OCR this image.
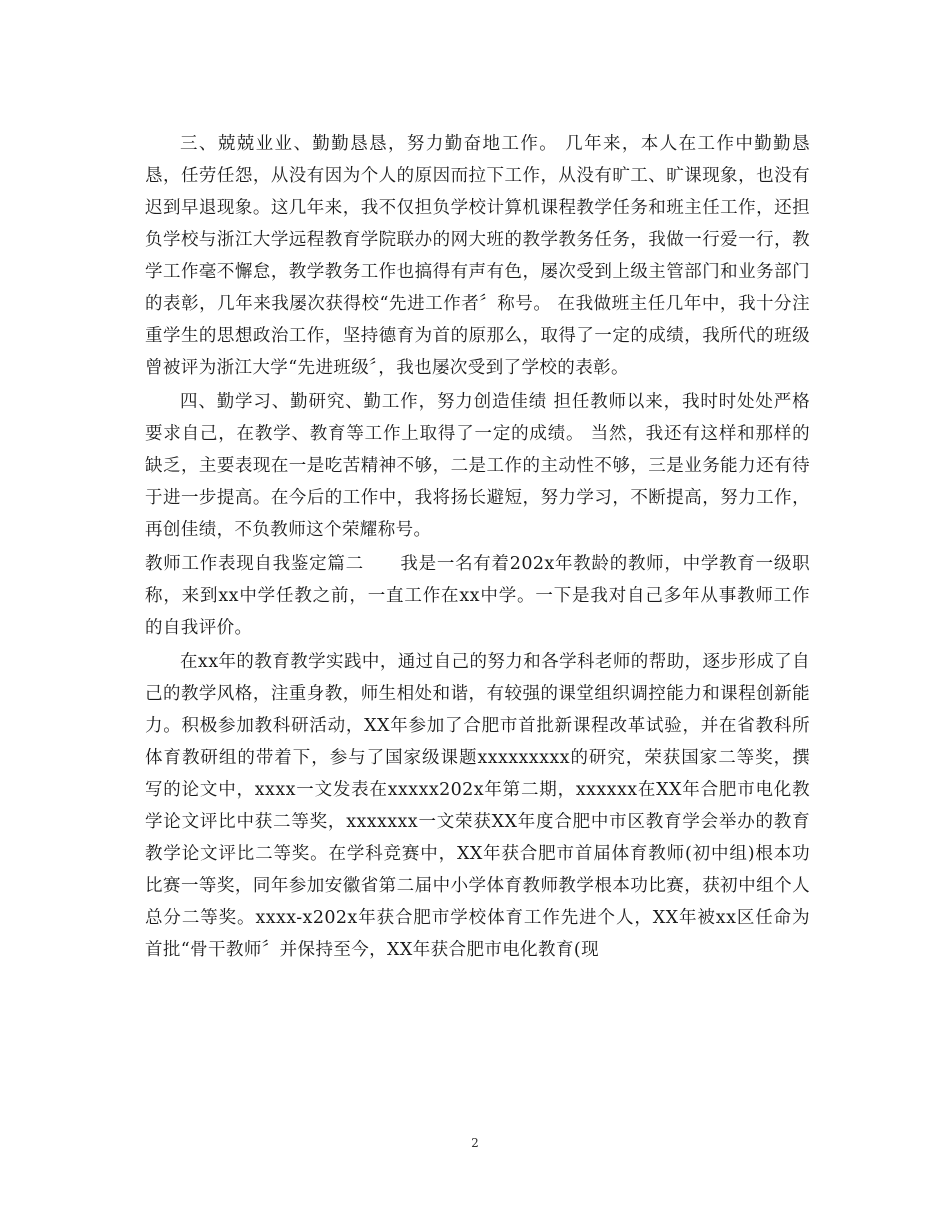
三、兢兢业业、勤勤恳恳，努力勤奋地工作。 几年来，本人在工作中勤勤恳恳，任劳任怨，从没有因为个人的原因而拉下工作，从没有旷工、旷课现象，也没有迟到早退现象。这几年来，我不仅担负学校计算机课程教学任务和班主任工作，还担负学校与浙江大学远程教育学院联办的网大班的教学教务任务，我做一行爱一行，教学工作毫不懈怠，教学教务工作也搞得有声有色，屡次受到上级主管部门和业务部门的表彰，几年来我屡次获得校“先进工作者〞称号。 在我做班主任几年中，我十分注重学生的思想政治工作，坚持德育为首的原那么，取得了一定的成绩，我所代的班级曾被评为浙江大学“先进班级〞，我也屡次受到了学校的表彰。

四、勤学习、勤研究、勤工作，努力创造佳绩 担任教师以来，我时时处处严格要求自己，在教学、教育等工作上取得了一定的成绩。 当然，我还有这样和那样的缺乏，主要表现在一是吃苦精神不够，二是工作的主动性不够，三是业务能力还有待于进一步提高。在今后的工作中，我将扬长避短，努力学习，不断提高，努力工作，再创佳绩，不负教师这个荣耀称号。

教师工作表现自我鉴定篇二　　我是一名有着202x年教龄的教师，中学教育一级职称，来到xx中学任教之前，一直工作在xx中学。一下是我对自己多年从事教师工作的自我评价。

在xx年的教育教学实践中，通过自己的努力和各学科老师的帮助，逐步形成了自己的教学风格，注重身教，师生相处和谐，有较强的课堂组织调控能力和课程创新能力。积极参加教科研活动，XX年参加了合肥市首批新课程改革试验，并在省教科所体育教研组的带着下，参与了国家级课题xxxxxxxxx的研究，荣获国家二等奖，撰写的论文中，xxxx一文发表在xxxxx202x年第二期，xxxxxx在XX年合肥市电化教学论文评比中获二等奖，xxxxxxx一文荣获XX年度合肥中市区教育学会举办的教育教学论文评比二等奖。在学科竞赛中，XX年获合肥市首届体育教师(初中组)根本功比赛一等奖，同年参加安徽省第二届中小学体育教师教学根本功比赛，获初中组个人总分二等奖。xxxx-x202x年获合肥市学校体育工作先进个人，XX年被xx区任命为首批“骨干教师〞并保持至今，XX年获合肥市电化教育(现

2
